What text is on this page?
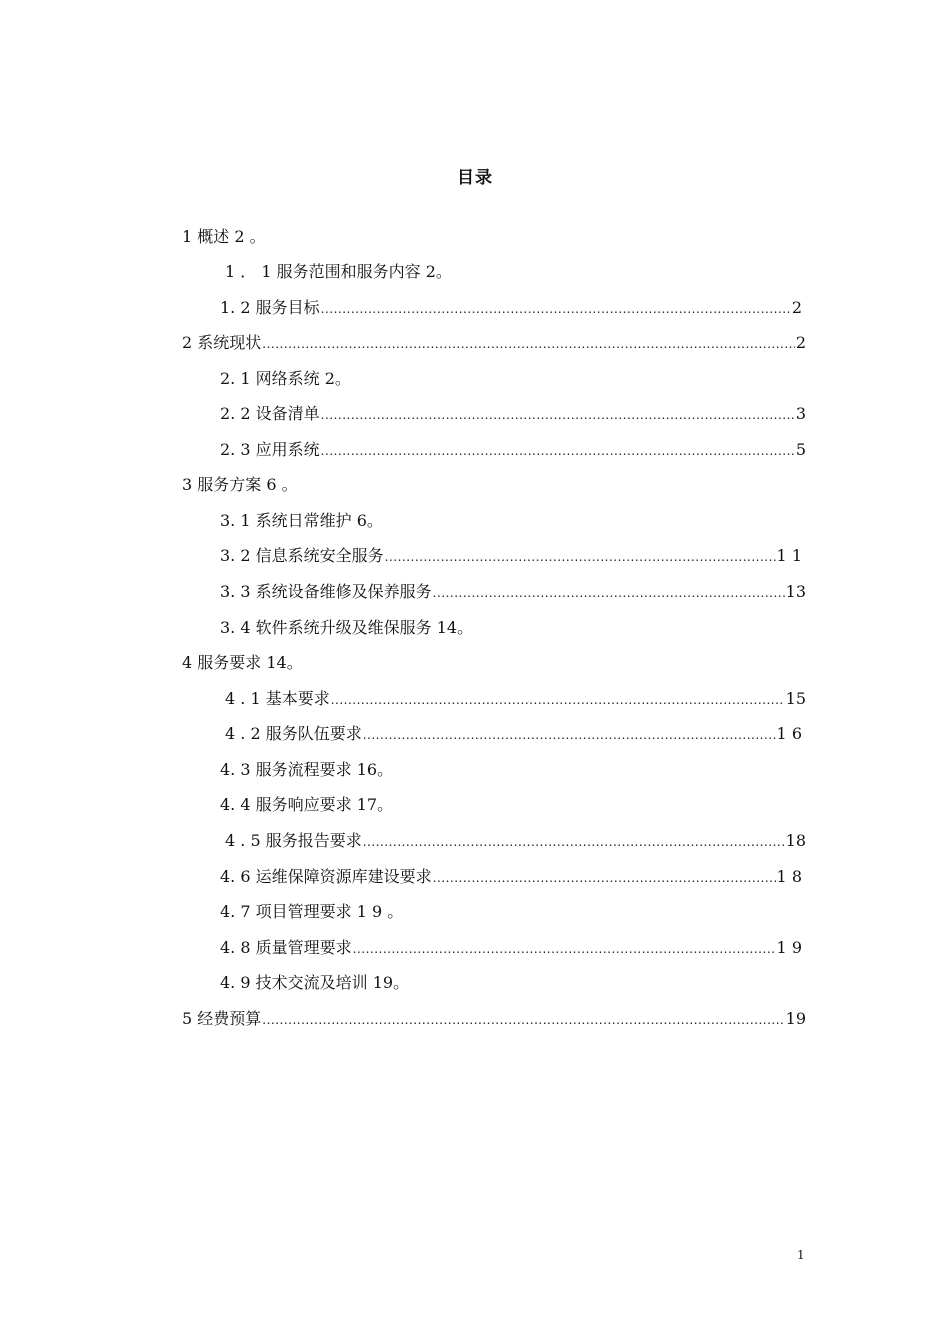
目录
1 概述 2 。
1 ． 1 服务范围和服务内容 2。
1. 2 服务目标 .....	2
2 系统现状 .....	2
2. 1 网络系统 2。
2. 2 设备清单 .....	3
2. 3 应用系统 .....	5
3 服务方案 6 。
3. 1 系统日常维护 6。
3. 2 信息系统安全服务 .....	1 1
3. 3 系统设备维修及保养服务 .....	13
3. 4 软件系统升级及维保服务 14。
4 服务要求 14。
4 . 1 基本要求 .....	15
4 . 2 服务队伍要求 .....	1 6
4. 3 服务流程要求 16。
4. 4 服务响应要求 17。
4 . 5 服务报告要求 .....	18
4. 6 运维保障资源库建设要求 .....	1 8
4. 7 项目管理要求 1 9 。
4. 8 质量管理要求 .....	1 9
4. 9 技术交流及培训 19。
5 经费预算 .....	19
1
